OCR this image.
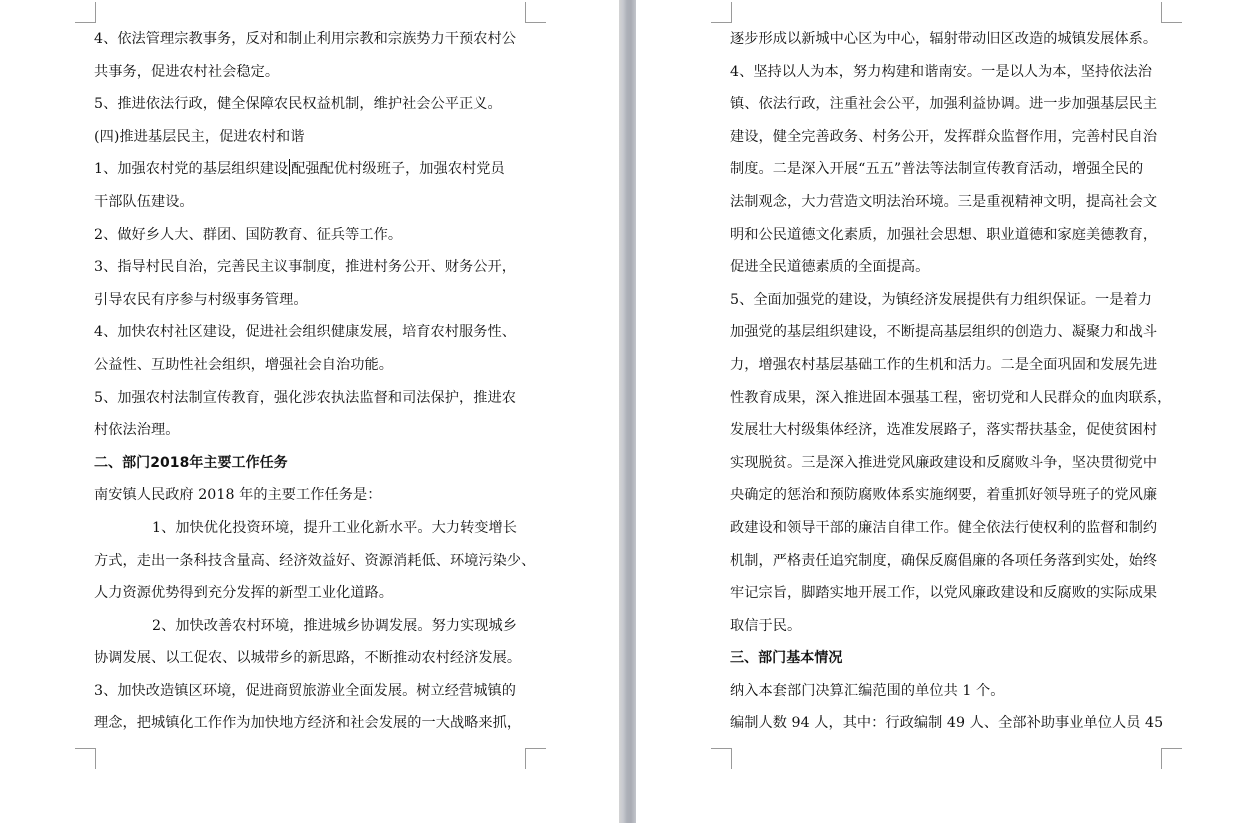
4、依法管理宗教事务，反对和制止利用宗教和宗族势力干预农村公
共事务，促进农村社会稳定。
5、推进依法行政，健全保障农民权益机制，维护社会公平正义。
(四)推进基层民主，促进农村和谐
1、加强农村党的基层组织建设 配强配优村级班子，加强农村党员
干部队伍建设。
2、做好乡人大、群团、国防教育、征兵等工作。
3、指导村民自治，完善民主议事制度，推进村务公开、财务公开，
引导农民有序参与村级事务管理。
4、加快农村社区建设，促进社会组织健康发展，培育农村服务性、
公益性、互助性社会组织，增强社会自治功能。
5、加强农村法制宣传教育，强化涉农执法监督和司法保护，推进农
村依法治理。
二、部门2018年主要工作任务
南安镇人民政府 2018 年的主要工作任务是：
1、加快优化投资环境，提升工业化新水平。大力转变增长
方式，走出一条科技含量高、经济效益好、资源消耗低、环境污染少、
人力资源优势得到充分发挥的新型工业化道路。
2、加快改善农村环境，推进城乡协调发展。努力实现城乡
协调发展、以工促农、以城带乡的新思路，不断推动农村经济发展。
3、加快改造镇区环境，促进商贸旅游业全面发展。树立经营城镇的
理念，把城镇化工作作为加快地方经济和社会发展的一大战略来抓，
逐步形成以新城中心区为中心，辐射带动旧区改造的城镇发展体系。
4、坚持以人为本，努力构建和谐南安。一是以人为本，坚持依法治
镇、依法行政，注重社会公平，加强利益协调。进一步加强基层民主
建设，健全完善政务、村务公开，发挥群众监督作用，完善村民自治
制度。二是深入开展“五五”普法等法制宣传教育活动，增强全民的
法制观念，大力营造文明法治环境。三是重视精神文明，提高社会文
明和公民道德文化素质，加强社会思想、职业道德和家庭美德教育，
促进全民道德素质的全面提高。
5、全面加强党的建设，为镇经济发展提供有力组织保证。一是着力
加强党的基层组织建设，不断提高基层组织的创造力、凝聚力和战斗
力，增强农村基层基础工作的生机和活力。二是全面巩固和发展先进
性教育成果，深入推进固本强基工程，密切党和人民群众的血肉联系，
发展壮大村级集体经济，选准发展路子，落实帮扶基金，促使贫困村
实现脱贫。三是深入推进党风廉政建设和反腐败斗争，坚决贯彻党中
央确定的惩治和预防腐败体系实施纲要，着重抓好领导班子的党风廉
政建设和领导干部的廉洁自律工作。健全依法行使权利的监督和制约
机制，严格责任追究制度，确保反腐倡廉的各项任务落到实处，始终
牢记宗旨，脚踏实地开展工作，以党风廉政建设和反腐败的实际成果
取信于民。
三、部门基本情况
纳入本套部门决算汇编范围的单位共 1 个。
编制人数 94 人，其中：行政编制 49 人、全部补助事业单位人员 45
